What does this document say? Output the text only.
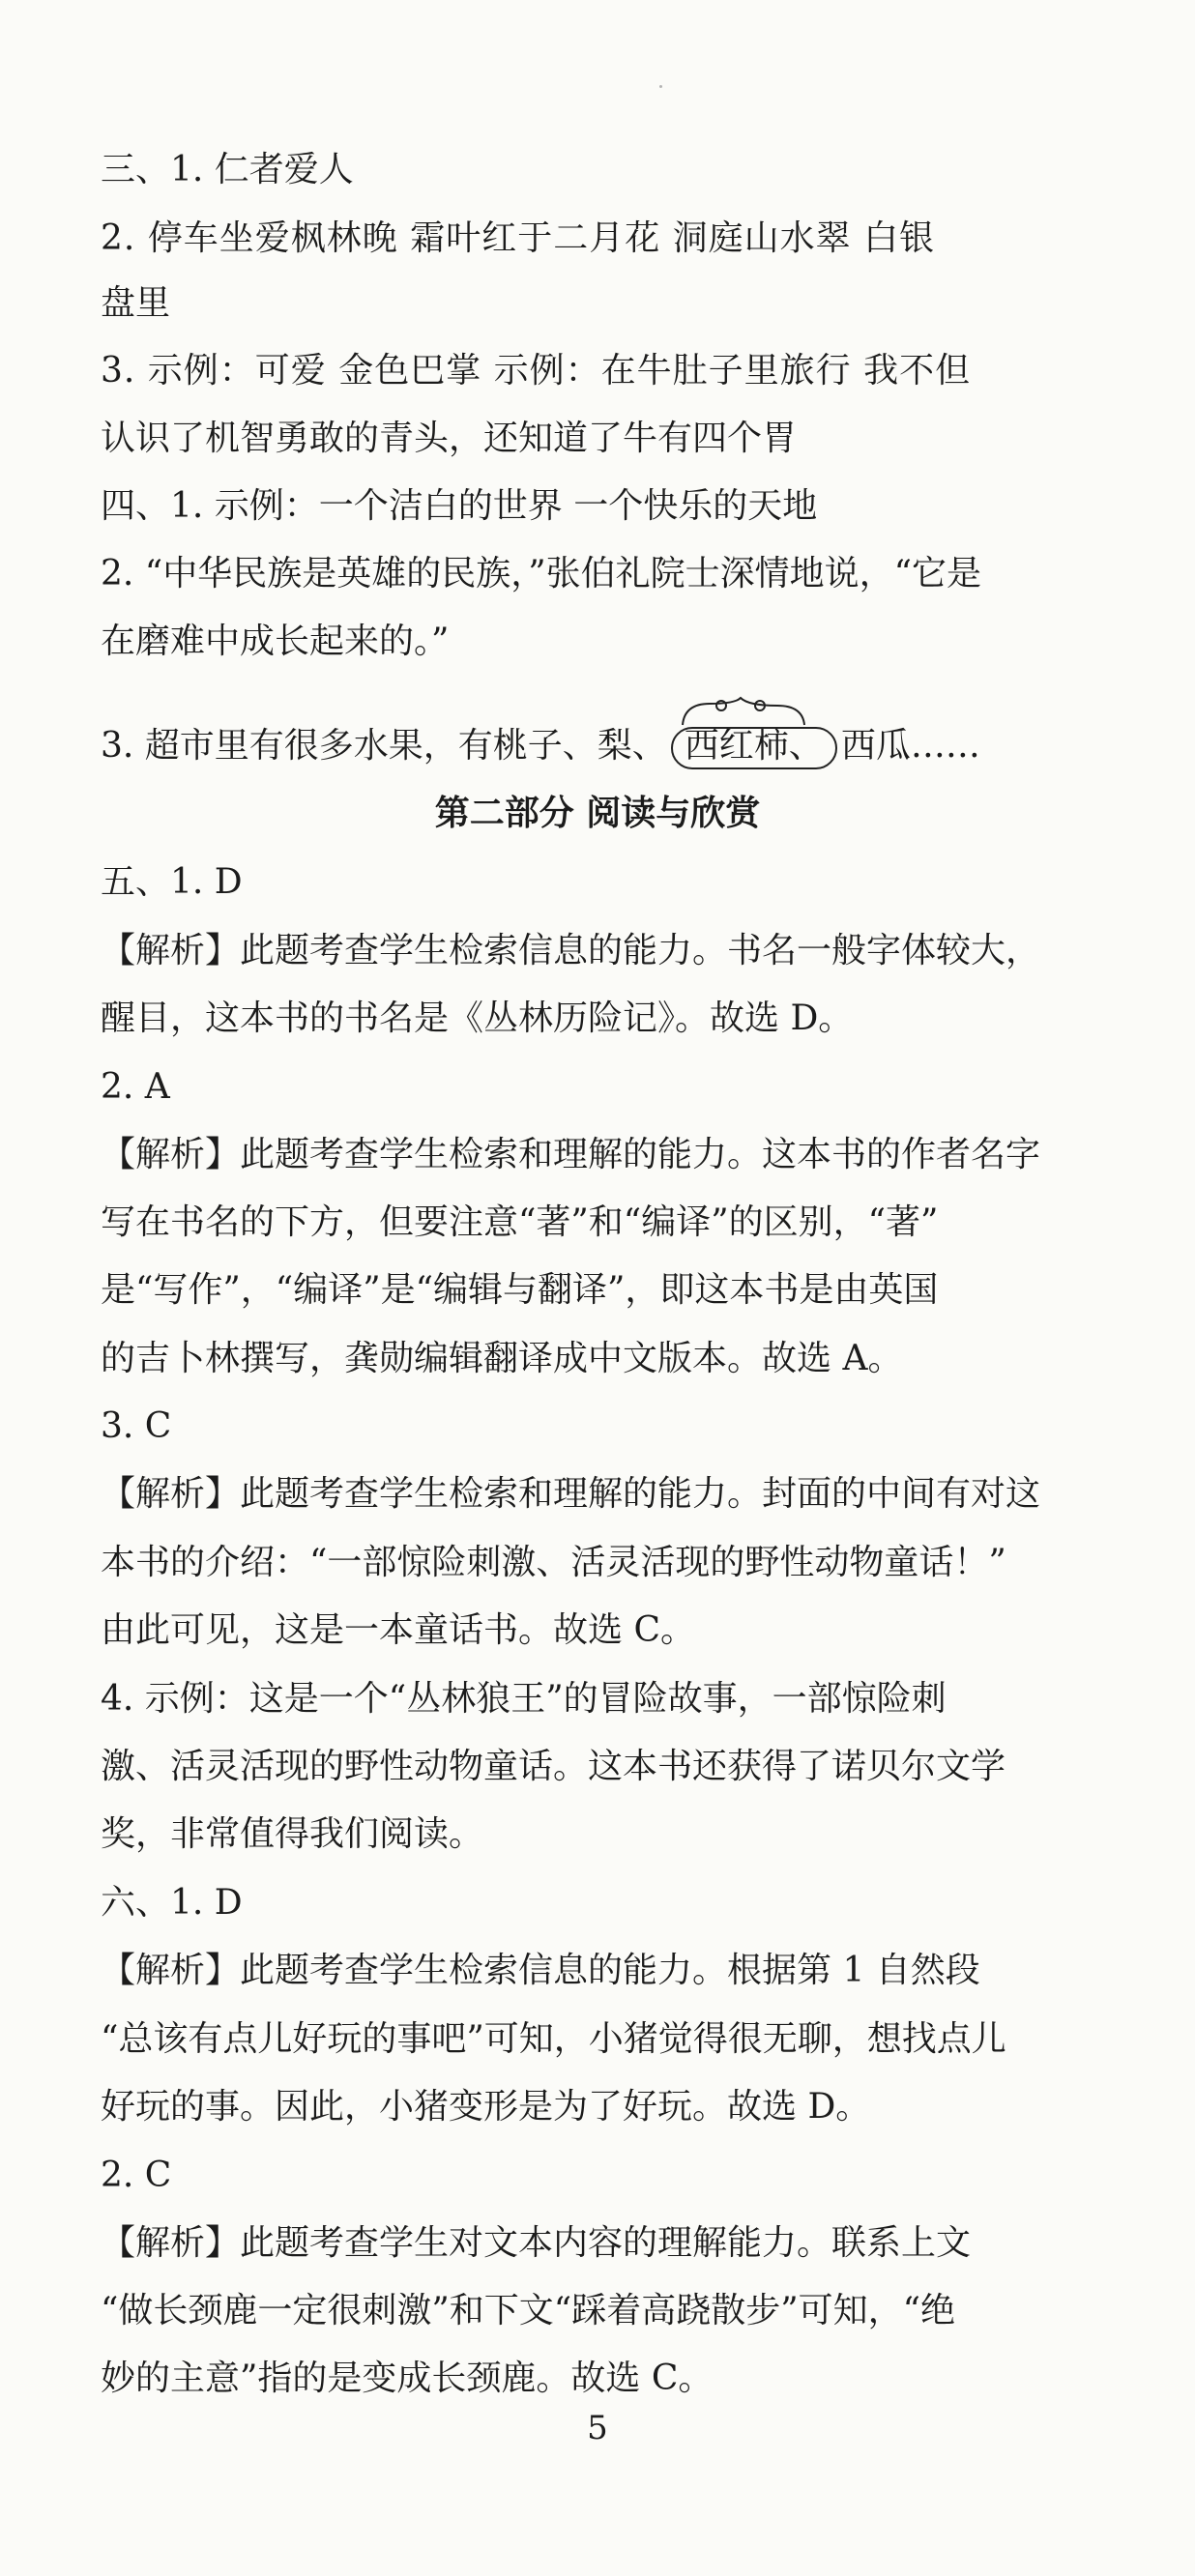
三、1. 仁者爱人
2. 停车坐爱枫林晚 霜叶红于二月花 洞庭山水翠 白银
盘里
3. 示例：可爱 金色巴掌 示例：在牛肚子里旅行 我不但
认识了机智勇敢的青头，还知道了牛有四个胃
四、1. 示例：一个洁白的世界 一个快乐的天地
2. “中华民族是英雄的民族，”张伯礼院士深情地说，“它是
在磨难中成长起来的。”
3. 超市里有很多水果，有桃子、梨、 西红柿、 西瓜……
第二部分 阅读与欣赏
五、1. D
【解析】此题考查学生检索信息的能力。书名一般字体较大，
醒目，这本书的书名是《丛林历险记》。故选 D。
2. A
【解析】此题考查学生检索和理解的能力。这本书的作者名字
写在书名的下方，但要注意“著”和“编译”的区别，“著”
是“写作”，“编译”是“编辑与翻译”，即这本书是由英国
的吉卜林撰写，龚勋编辑翻译成中文版本。故选 A。
3. C
【解析】此题考查学生检索和理解的能力。封面的中间有对这
本书的介绍：“一部惊险刺激、活灵活现的野性动物童话！”
由此可见，这是一本童话书。故选 C。
4. 示例：这是一个“丛林狼王”的冒险故事，一部惊险刺
激、活灵活现的野性动物童话。这本书还获得了诺贝尔文学
奖，非常值得我们阅读。
六、1. D
【解析】此题考查学生检索信息的能力。根据第 1 自然段
“总该有点儿好玩的事吧”可知，小猪觉得很无聊，想找点儿
好玩的事。因此，小猪变形是为了好玩。故选 D。
2. C
【解析】此题考查学生对文本内容的理解能力。联系上文
“做长颈鹿一定很刺激”和下文“踩着高跷散步”可知，“绝
妙的主意”指的是变成长颈鹿。故选 C。
5
